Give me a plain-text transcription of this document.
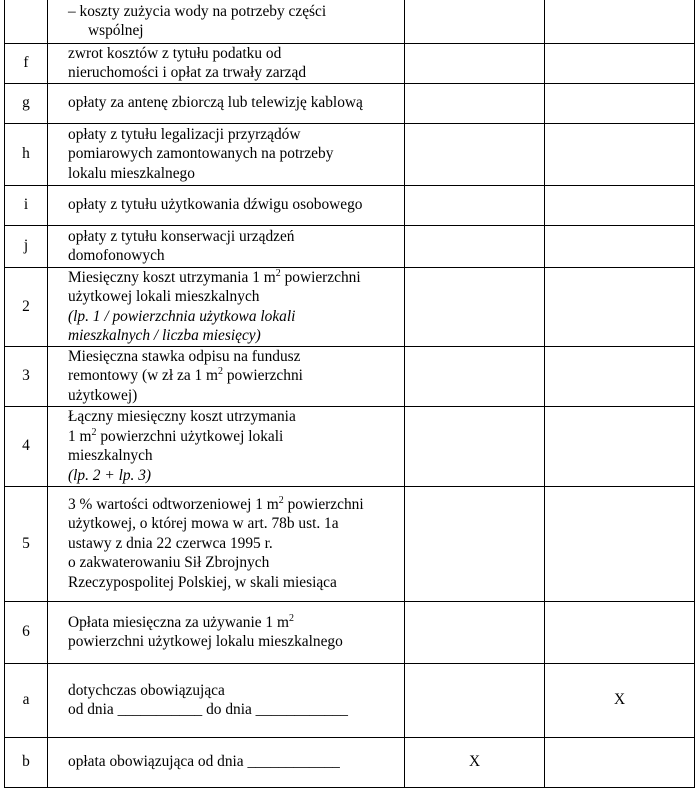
	– koszty zużycia wody na potrzeby części
wspólnej		

f	zwrot kosztów z tytułu podatku od
nieruchomości i opłat za trwały zarząd		

g	opłaty za antenę zbiorczą lub telewizję kablową		

h	opłaty z tytułu legalizacji przyrządów
pomiarowych zamontowanych na potrzeby
lokalu mieszkalnego		

i	opłaty z tytułu użytkowania dźwigu osobowego		

j	opłaty z tytułu konserwacji urządzeń
domofonowych		

2	Miesięczny koszt utrzymania 1 $m^2$ powierzchni
użytkowej lokali mieszkalnych
(lp. 1 / powierzchnia użytkowa lokali
mieszkalnych / liczba miesięcy)		

3	Miesięczna stawka odpisu na fundusz
remontowy (w zł za 1 $m^2$ powierzchni
użytkowej)		

4	Łączny miesięczny koszt utrzymania
1 $m^2$ powierzchni użytkowej lokali
mieszkalnych
(lp. 2 + lp. 3)		

5	3 % wartości odtworzeniowej 1 $m^2$ powierzchni
użytkowej, o której mowa w art. 78b ust. 1a
ustawy z dnia 22 czerwca 1995 r.
o zakwaterowaniu Sił Zbrojnych
Rzeczypospolitej Polskiej, w skali miesiąca		

6	Opłata miesięczna za używanie 1 $m^2$
powierzchni użytkowej lokalu mieszkalnego		

a	dotychczas obowiązująca
od dnia ___________ do dnia ____________		X
b	opłata obowiązująca od dnia ____________	X	
